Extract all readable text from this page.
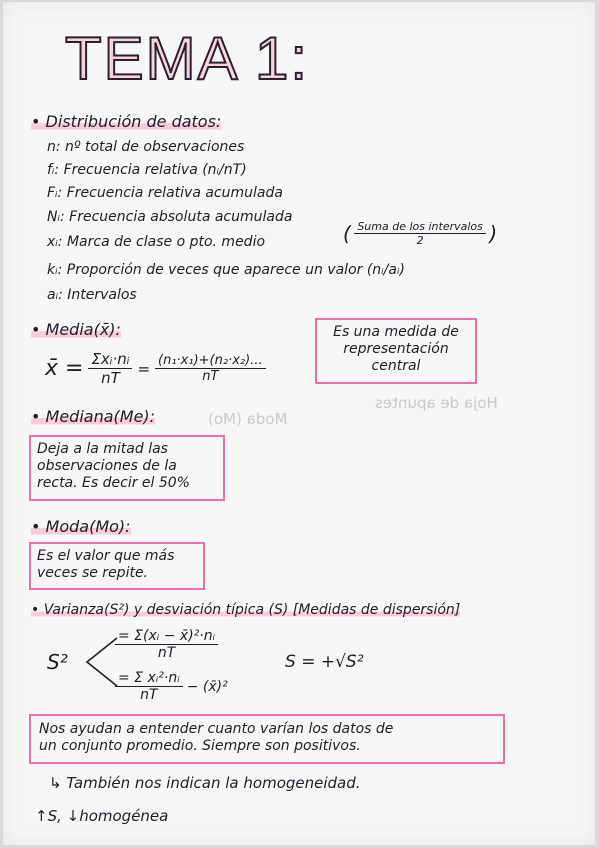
TEMA 1:
Hoja de apuntes
Moda (Mo)
• Distribución de datos:
n: nº total de observaciones
fᵢ: Frecuencia relativa (nᵢ/nT)
Fᵢ: Frecuencia relativa acumulada
Nᵢ: Frecuencia absoluta acumulada
xᵢ: Marca de clase o pto. medio	( $\frac{\text{Suma de los intervalos}}{2}$ )
kᵢ: Proporción de veces que aparece un valor (nᵢ/aᵢ)
aᵢ: Intervalos
• Media(x̄):
x̄ = $\frac{\text{Σxᵢ·nᵢ}}{nT} = \frac{\text{(n₁·x₁)+(n₂·x₂)...}}{nT}$
Es una medida de
representación
central
• Mediana(Me):
Deja a la mitad las
observaciones de la
recta. Es decir el 50%
• Moda(Mo):
Es el valor que más
veces se repite.
• Varianza(S²) y desviación típica (S) [Medidas de dispersión]
S²
$\frac{\text{= Σ(xᵢ − x̄)²·nᵢ}}{nT}$
$\frac{\text{= Σ xᵢ²·nᵢ}}{nT}$ − (x̄)²
S = +√S²
Nos ayudan a entender cuanto varían los datos de
un conjunto promedio. Siempre son positivos.
↳ También nos indican la homogeneidad.
↑S, ↓homogénea
